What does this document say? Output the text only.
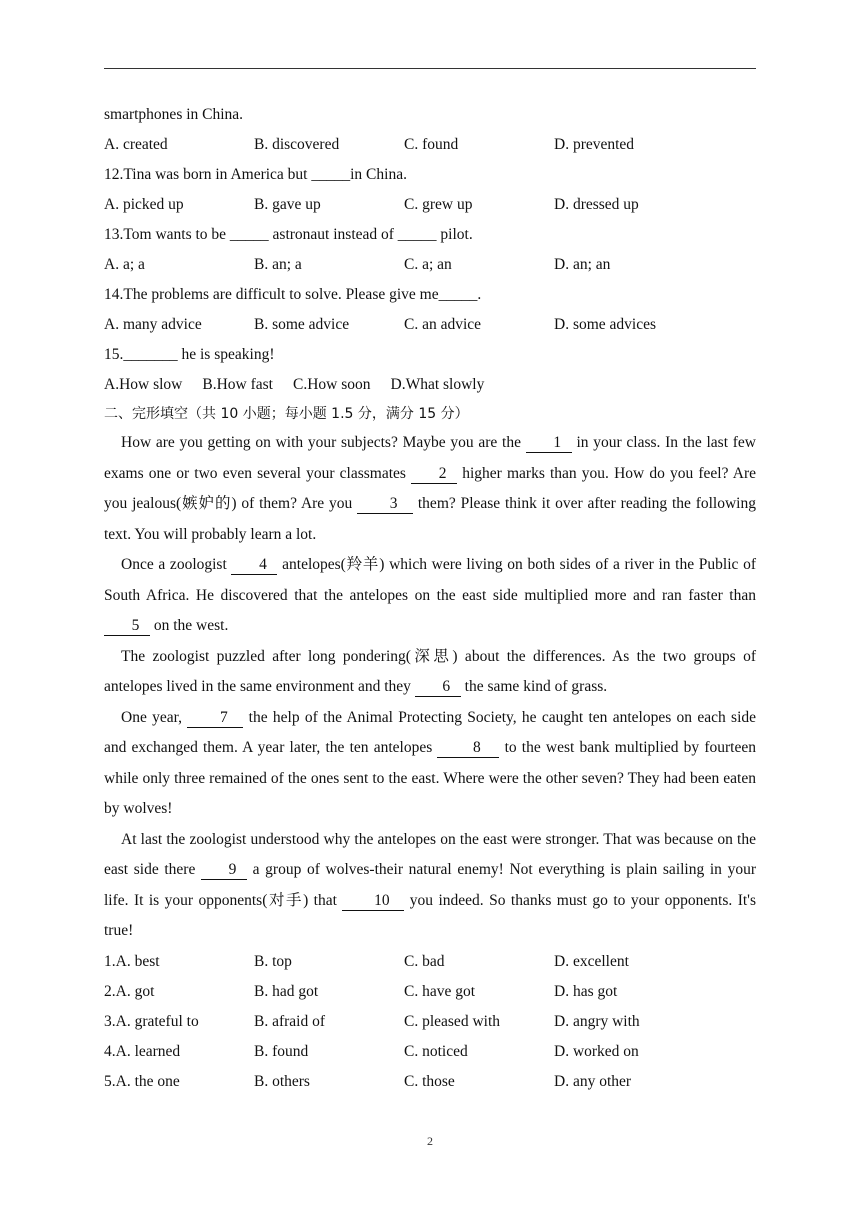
smartphones in China.
A. created	B. discovered	C. found	D. prevented
12.Tina was born in America but _____in China.
A. picked up	B. gave up	C. grew up	D. dressed up
13.Tom wants to be _____ astronaut instead of _____ pilot.
A. a; a	B. an; a	C. a; an	D. an; an
14.The problems are difficult to solve. Please give me_____.
A. many advice	B. some advice	C. an advice	D. some advices
15._______ he is speaking!
A.How slow B.How fast C.How soon D.What slowly
二、完形填空（共 10 小题；每小题 1.5 分，满分 15 分）

How are you getting on with your subjects? Maybe you are the 1 in your class. In the last few exams one or two even several your classmates 2 higher marks than you. How do you feel? Are you jealous(嫉妒的) of them? Are you 3 them? Please think it over after reading the following text. You will probably learn a lot.

Once a zoologist 4 antelopes(羚羊) which were living on both sides of a river in the Public of South Africa. He discovered that the antelopes on the east side multiplied more and ran faster than 5 on the west.

The zoologist puzzled after long pondering(深思) about the differences. As the two groups of antelopes lived in the same environment and they 6 the same kind of grass.

One year, 7 the help of the Animal Protecting Society, he caught ten antelopes on each side and exchanged them. A year later, the ten antelopes 8 to the west bank multiplied by fourteen while only three remained of the ones sent to the east. Where were the other seven? They had been eaten by wolves!

At last the zoologist understood why the antelopes on the east were stronger. That was because on the east side there 9 a group of wolves-their natural enemy! Not everything is plain sailing in your life. It is your opponents(对手) that 10 you indeed. So thanks must go to your opponents. It's true!

1.A. best	B. top	C. bad	D. excellent
2.A. got	B. had got	C. have got	D. has got
3.A. grateful to	B. afraid of	C. pleased with	D. angry with
4.A. learned	B. found	C. noticed	D. worked on
5.A. the one	B. others	C. those	D. any other
2
